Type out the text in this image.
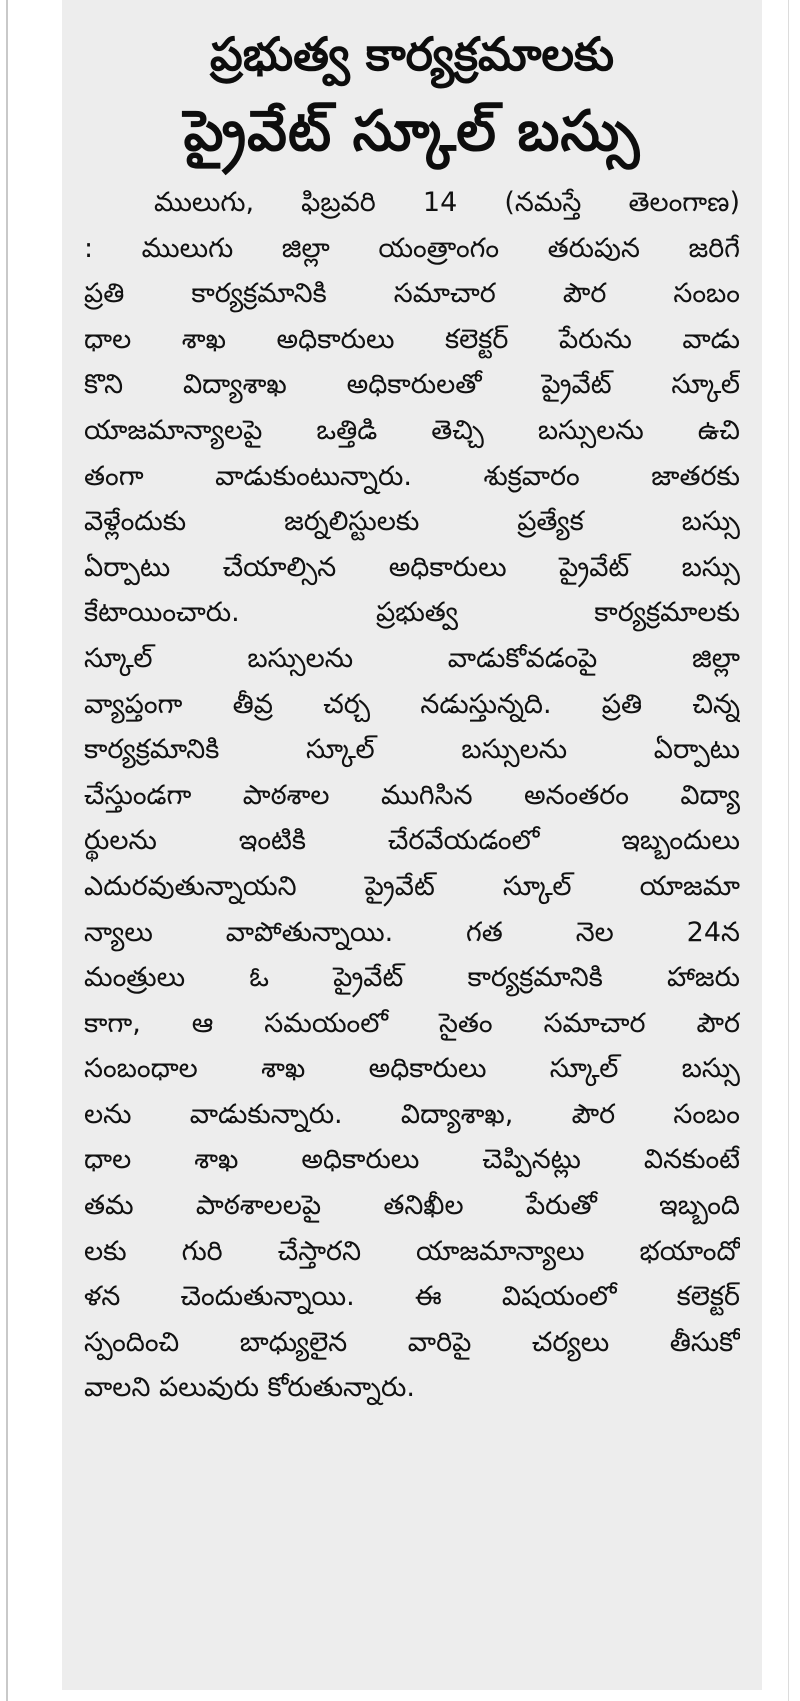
ప్రభుత్వ కార్యక్రమాలకు
ప్రైవేట్ స్కూల్ బస్సు
ములుగు, ఫిబ్రవరి 14 (నమస్తే తెలంగాణ)
: ములుగు జిల్లా యంత్రాంగం తరుపున జరిగే
ప్రతి కార్యక్రమానికి సమాచార పౌర సంబం
ధాల శాఖ అధికారులు కలెక్టర్ పేరును వాడు
కొని విద్యాశాఖ అధికారులతో ప్రైవేట్ స్కూల్
యాజమాన్యాలపై ఒత్తిడి తెచ్చి బస్సులను ఉచి
తంగా వాడుకుంటున్నారు. శుక్రవారం జాతరకు
వెళ్లేందుకు జర్నలిస్టులకు ప్రత్యేక బస్సు
ఏర్పాటు చేయాల్సిన అధికారులు ప్రైవేట్ బస్సు
కేటాయించారు. ప్రభుత్వ కార్యక్రమాలకు
స్కూల్ బస్సులను వాడుకోవడంపై జిల్లా
వ్యాప్తంగా తీవ్ర చర్చ నడుస్తున్నది. ప్రతి చిన్న
కార్యక్రమానికి స్కూల్ బస్సులను ఏర్పాటు
చేస్తుండగా పాఠశాల ముగిసిన అనంతరం విద్యా
ర్థులను ఇంటికి చేరవేయడంలో ఇబ్బందులు
ఎదురవుతున్నాయని ప్రైవేట్ స్కూల్ యాజమా
న్యాలు వాపోతున్నాయి. గత నెల 24న
మంత్రులు ఓ ప్రైవేట్ కార్యక్రమానికి హాజరు
కాగా, ఆ సమయంలో సైతం సమాచార పౌర
సంబంధాల శాఖ అధికారులు స్కూల్ బస్సు
లను వాడుకున్నారు. విద్యాశాఖ, పౌర సంబం
ధాల శాఖ అధికారులు చెప్పినట్లు వినకుంటే
తమ పాఠశాలలపై తనిఖీల పేరుతో ఇబ్బంది
లకు గురి చేస్తారని యాజమాన్యాలు భయాందో
ళన చెందుతున్నాయి. ఈ విషయంలో కలెక్టర్
స్పందించి బాధ్యులైన వారిపై చర్యలు తీసుకో
వాలని పలువురు కోరుతున్నారు.
